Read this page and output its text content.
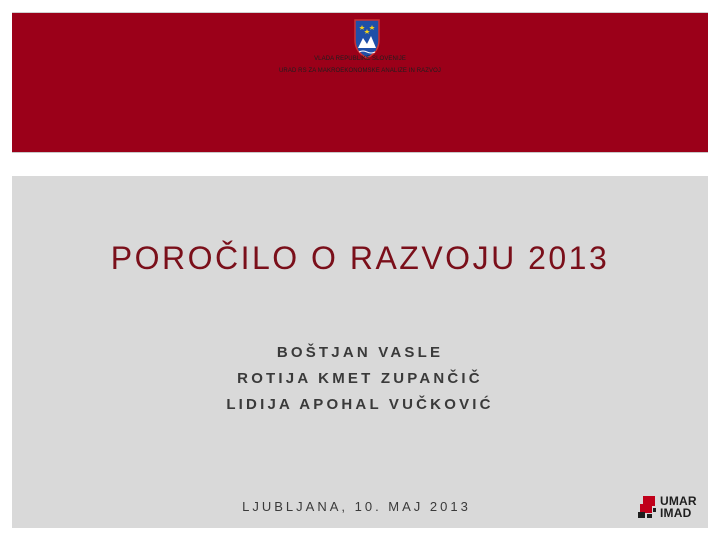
VLADA REPUBLIKE SLOVENIJE
URAD RS ZA MAKROEKONOMSKE ANALIZE IN RAZVOJ
POROČILO O RAZVOJU 2013
BOŠTJAN VASLE
ROTIJA KMET ZUPANČIČ
LIDIJA APOHAL VUČKOVIĆ
LJUBLJANA, 10. MAJ 2013	UMAR
IMAD
